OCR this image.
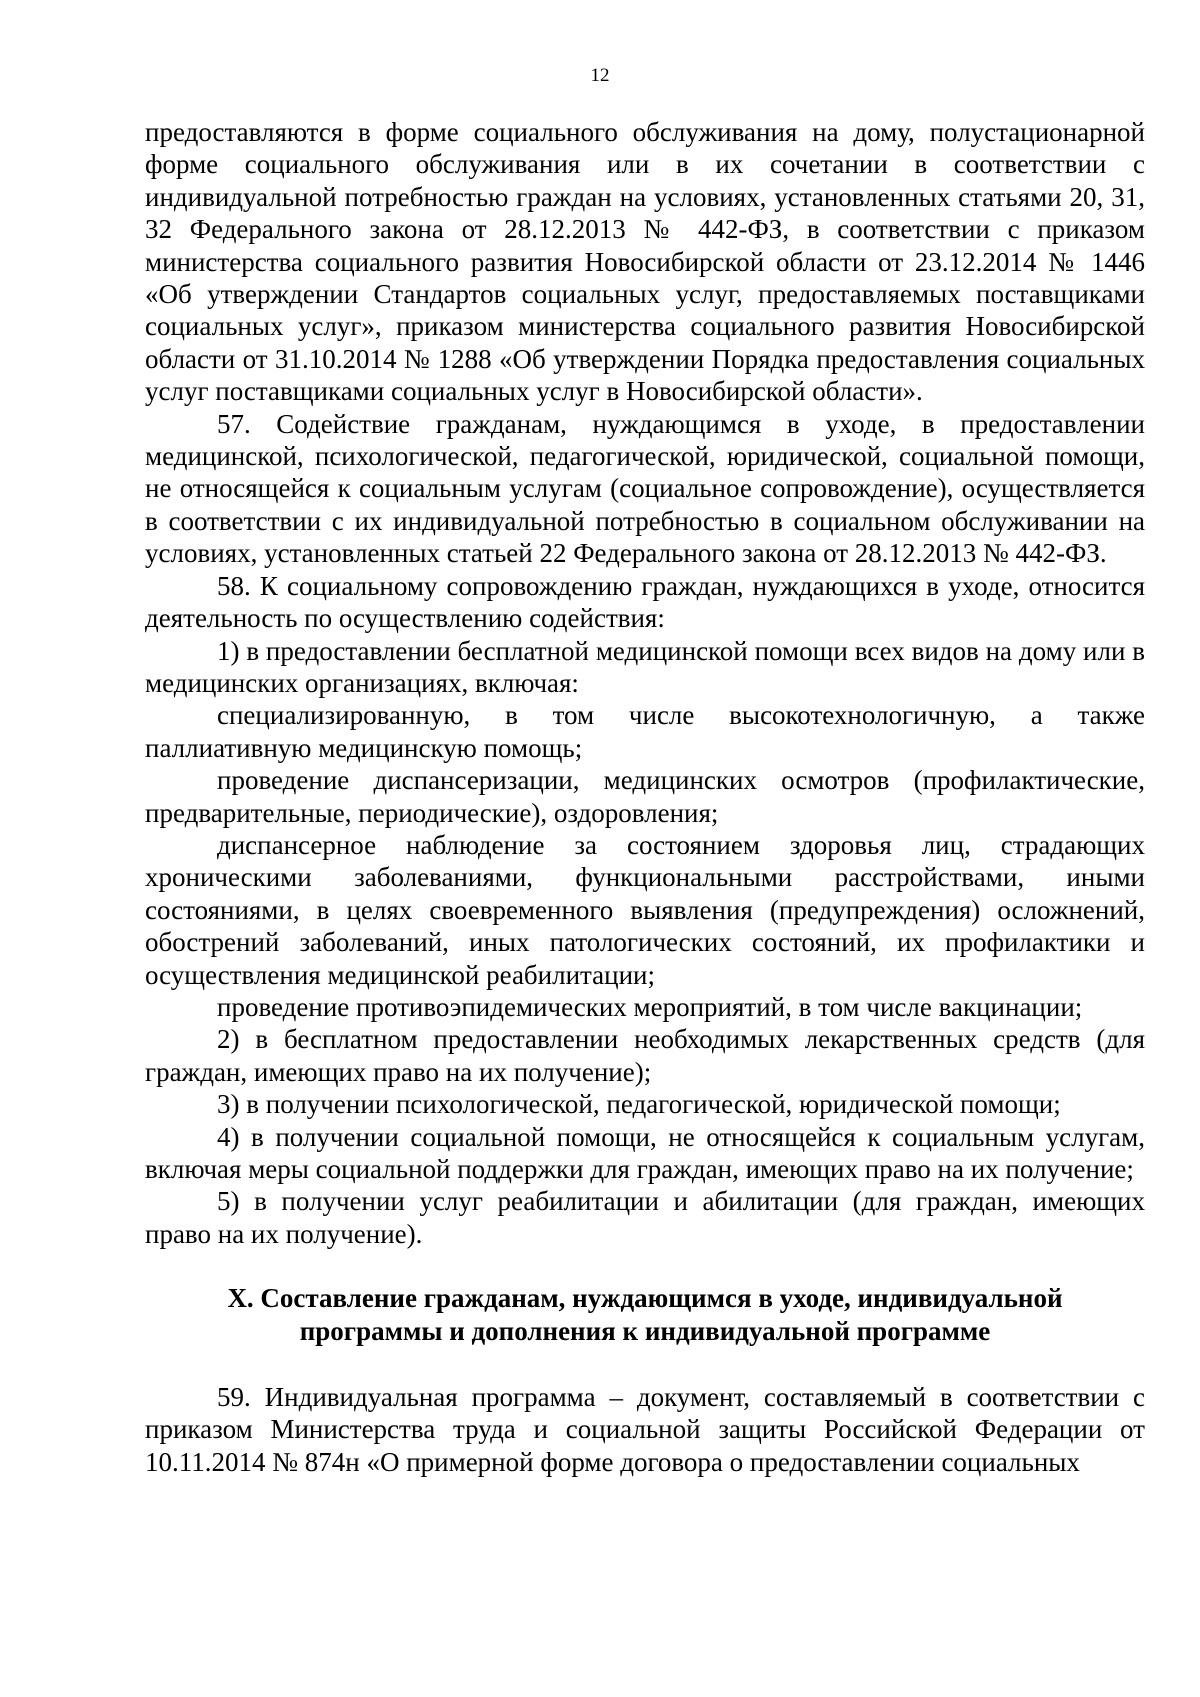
12

предоставляются в форме социального обслуживания на дому, полустационарной форме социального обслуживания или в их сочетании в соответствии с индивидуальной потребностью граждан на условиях, установленных статьями 20, 31, 32 Федерального закона от 28.12.2013 № 442-ФЗ, в соответствии с приказом министерства социального развития Новосибирской области от 23.12.2014 № 1446 «Об утверждении Стандартов социальных услуг, предоставляемых поставщиками социальных услуг», приказом министерства социального развития Новосибирской области от 31.10.2014 № 1288 «Об утверждении Порядка предоставления социальных услуг поставщиками социальных услуг в Новосибирской области».

57. Содействие гражданам, нуждающимся в уходе, в предоставлении медицинской, психологической, педагогической, юридической, социальной помощи, не относящейся к социальным услугам (социальное сопровождение), осуществляется в соответствии с их индивидуальной потребностью в социальном обслуживании на условиях, установленных статьей 22 Федерального закона от 28.12.2013 № 442-ФЗ.

58. К социальному сопровождению граждан, нуждающихся в уходе, относится деятельность по осуществлению содействия:

1) в предоставлении бесплатной медицинской помощи всех видов на дому или в медицинских организациях, включая:

специализированную, в том числе высокотехнологичную, а также паллиативную медицинскую помощь;

проведение диспансеризации, медицинских осмотров (профилактические, предварительные, периодические), оздоровления;

диспансерное наблюдение за состоянием здоровья лиц, страдающих хроническими заболеваниями, функциональными расстройствами, иными состояниями, в целях своевременного выявления (предупреждения) осложнений, обострений заболеваний, иных патологических состояний, их профилактики и осуществления медицинской реабилитации;

проведение противоэпидемических мероприятий, в том числе вакцинации;

2) в бесплатном предоставлении необходимых лекарственных средств (для граждан, имеющих право на их получение);

3) в получении психологической, педагогической, юридической помощи;

4) в получении социальной помощи, не относящейся к социальным услугам, включая меры социальной поддержки для граждан, имеющих право на их получение;

5) в получении услуг реабилитации и абилитации (для граждан, имеющих право на их получение).

X. Составление гражданам, нуждающимся в уходе, индивидуальной
программы и дополнения к индивидуальной программе

59. Индивидуальная программа – документ, составляемый в соответствии с приказом Министерства труда и социальной защиты Российской Федерации от 10.11.2014 № 874н «О примерной форме договора о предоставлении социальных
